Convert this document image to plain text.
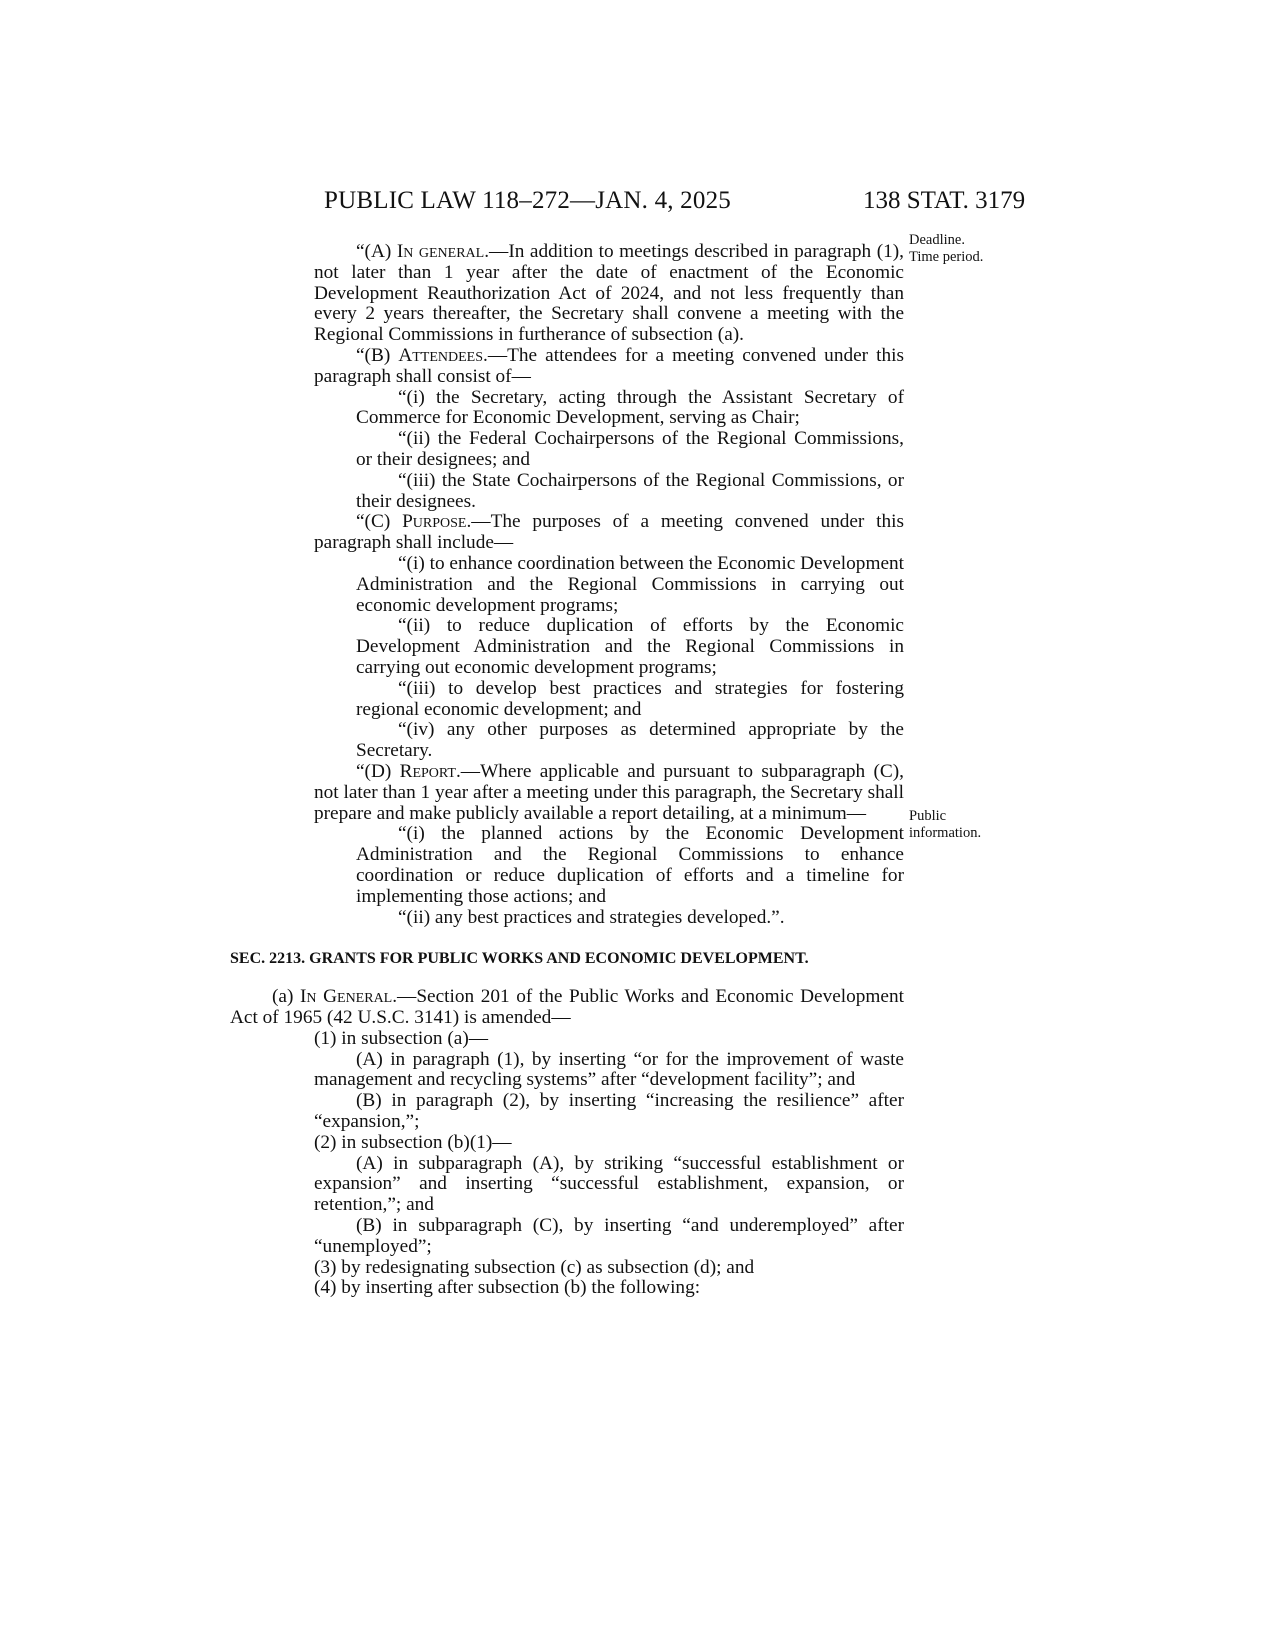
PUBLIC LAW 118–272—JAN. 4, 2025	138 STAT. 3179
Deadline.
Time period.
Public
information.

“(A) In general.—In addition to meetings described in paragraph (1), not later than 1 year after the date of enactment of the Economic Development Reauthorization Act of 2024, and not less frequently than every 2 years thereafter, the Secretary shall convene a meeting with the Regional Commissions in furtherance of subsection (a).

“(B) Attendees.—The attendees for a meeting convened under this paragraph shall consist of—

“(i) the Secretary, acting through the Assistant Secretary of Commerce for Economic Development, serving as Chair;

“(ii) the Federal Cochairpersons of the Regional Commissions, or their designees; and

“(iii) the State Cochairpersons of the Regional Commissions, or their designees.

“(C) Purpose.—The purposes of a meeting convened under this paragraph shall include—

“(i) to enhance coordination between the Economic Development Administration and the Regional Commissions in carrying out economic development programs;

“(ii) to reduce duplication of efforts by the Economic Development Administration and the Regional Commissions in carrying out economic development programs;

“(iii) to develop best practices and strategies for fostering regional economic development; and

“(iv) any other purposes as determined appropriate by the Secretary.

“(D) Report.—Where applicable and pursuant to subparagraph (C), not later than 1 year after a meeting under this paragraph, the Secretary shall prepare and make publicly available a report detailing, at a minimum—

“(i) the planned actions by the Economic Development Administration and the Regional Commissions to enhance coordination or reduce duplication of efforts and a timeline for implementing those actions; and

“(ii) any best practices and strategies developed.”.

SEC. 2213. GRANTS FOR PUBLIC WORKS AND ECONOMIC DEVELOPMENT.

(a) In General.—Section 201 of the Public Works and Economic Development Act of 1965 (42 U.S.C. 3141) is amended—

(1) in subsection (a)—

(A) in paragraph (1), by inserting “or for the improvement of waste management and recycling systems” after “development facility”; and

(B) in paragraph (2), by inserting “increasing the resilience” after “expansion,”;

(2) in subsection (b)(1)—

(A) in subparagraph (A), by striking “successful establishment or expansion” and inserting “successful establishment, expansion, or retention,”; and

(B) in subparagraph (C), by inserting “and underemployed” after “unemployed”;

(3) by redesignating subsection (c) as subsection (d); and

(4) by inserting after subsection (b) the following:
